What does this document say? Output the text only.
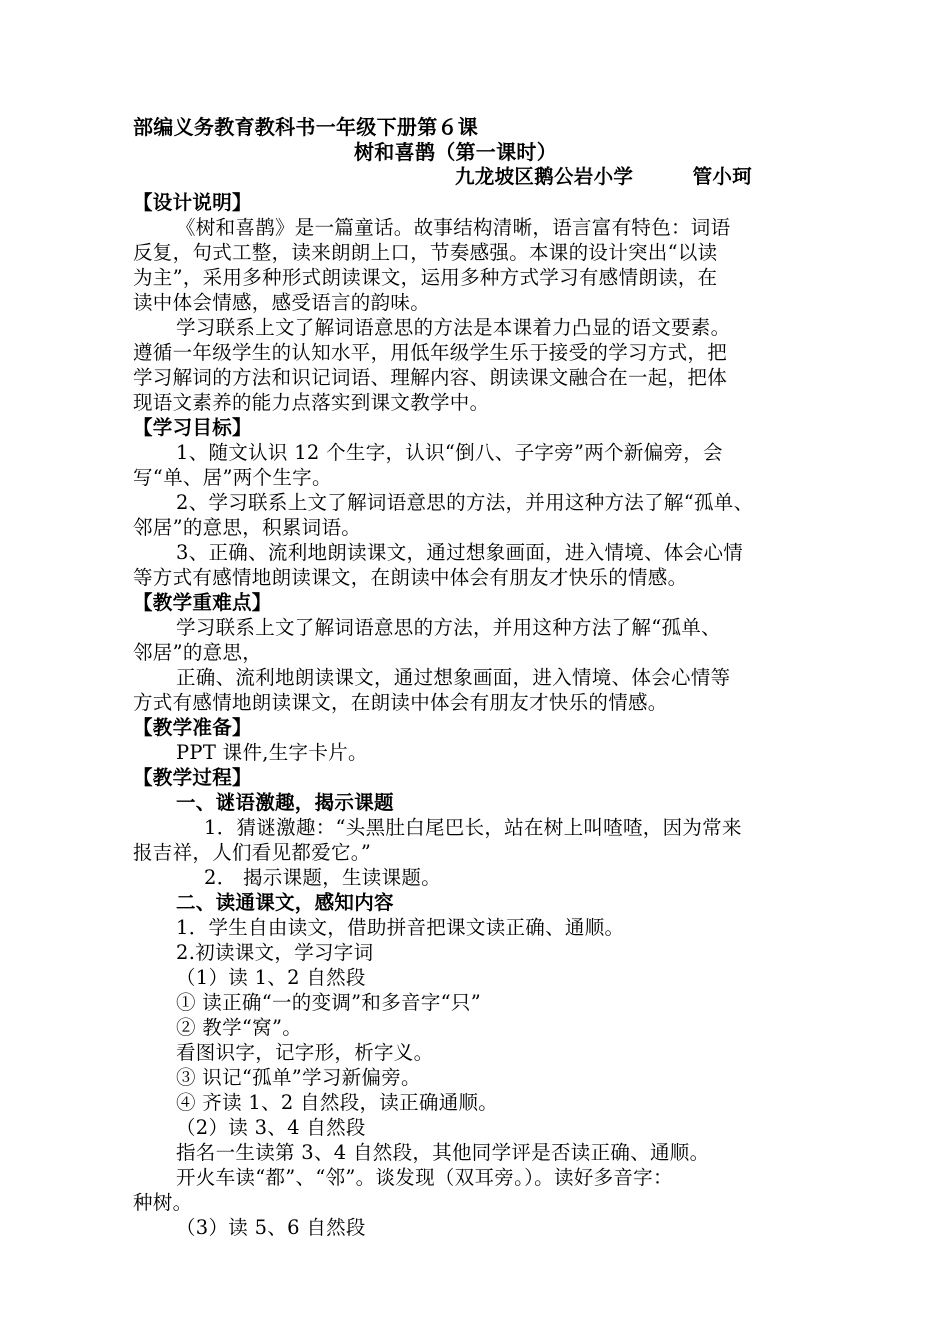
部编义务教育教科书一年级下册第６课
树和喜鹊（第一课时）
九龙坡区鹅公岩小学　　　管小珂
【设计说明】
《树和喜鹊》是一篇童话。故事结构清晰，语言富有特色：词语
反复，句式工整，读来朗朗上口，节奏感强。本课的设计突出“以读
为主”，采用多种形式朗读课文，运用多种方式学习有感情朗读，在
读中体会情感，感受语言的韵味。
学习联系上文了解词语意思的方法是本课着力凸显的语文要素。
遵循一年级学生的认知水平，用低年级学生乐于接受的学习方式，把
学习解词的方法和识记词语、理解内容、朗读课文融合在一起，把体
现语文素养的能力点落实到课文教学中。
【学习目标】
1、随文认识 12 个生字，认识“倒八、子字旁”两个新偏旁，会
写“单、居”两个生字。
2、学习联系上文了解词语意思的方法，并用这种方法了解“孤单、
邻居”的意思，积累词语。
3、正确、流利地朗读课文，通过想象画面，进入情境、体会心情
等方式有感情地朗读课文，在朗读中体会有朋友才快乐的情感。
【教学重难点】
学习联系上文了解词语意思的方法，并用这种方法了解“孤单、
邻居”的意思，
正确、流利地朗读课文，通过想象画面，进入情境、体会心情等
方式有感情地朗读课文，在朗读中体会有朋友才快乐的情感。
【教学准备】
PPT 课件,生字卡片。
【教学过程】
一、谜语激趣，揭示课题
1．猜谜激趣：“头黑肚白尾巴长，站在树上叫喳喳，因为常来
报吉祥，人们看见都爱它。”
2． 揭示课题，生读课题。
二、读通课文，感知内容
1．学生自由读文，借助拼音把课文读正确、通顺。
2.初读课文，学习字词
（1）读 1、2 自然段
① 读正确“一的变调”和多音字“只”
② 教学“窝”。
看图识字，记字形，析字义。
③ 识记“孤单”学习新偏旁。
④ 齐读 1、2 自然段，读正确通顺。
（2）读 3、4 自然段
指名一生读第 3、4 自然段，其他同学评是否读正确、通顺。
开火车读“都”、“邻”。谈发现（双耳旁。）。读好多音字：
种树。
（3）读 5、6 自然段
